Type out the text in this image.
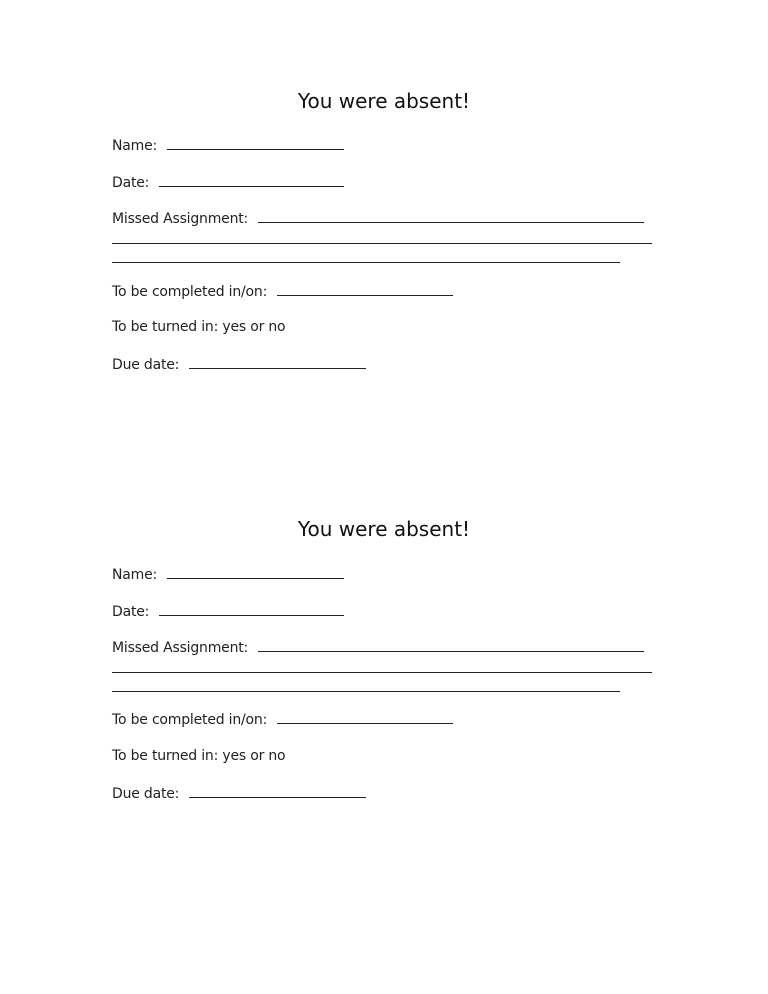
You were absent!
Name:
Date:
Missed Assignment:
To be completed in/on:
To be turned in: yes or no
Due date:
You were absent!
Name:
Date:
Missed Assignment:
To be completed in/on:
To be turned in: yes or no
Due date:
